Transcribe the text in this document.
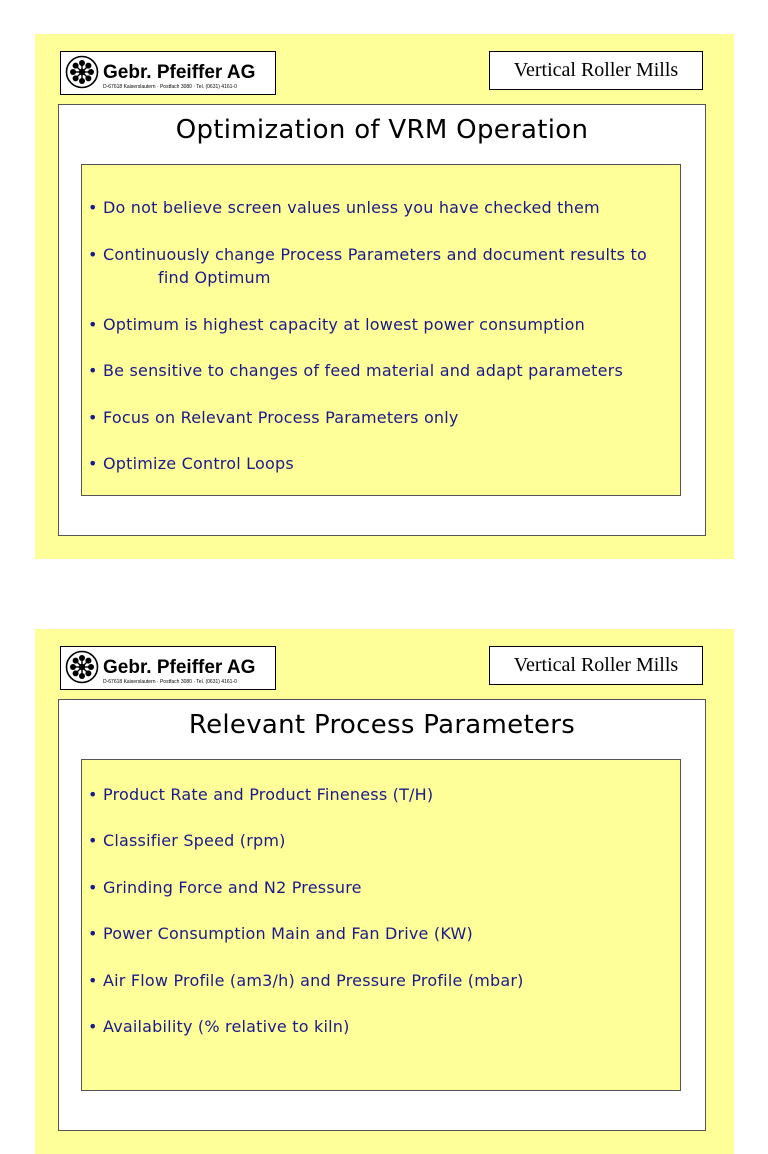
Gebr. Pfeiffer AG
D-67618 Kaiserslautern · Postfach 3080 · Tel. (0631) 4161-0
Vertical Roller Mills
Optimization of VRM Operation
• Do not believe screen values unless you have checked them
• Continuously change Process Parameters and document results to
find Optimum
• Optimum is highest capacity at lowest power consumption
• Be sensitive to changes of feed material and adapt parameters
• Focus on Relevant Process Parameters only
• Optimize Control Loops
Gebr. Pfeiffer AG
D-67618 Kaiserslautern · Postfach 3080 · Tel. (0631) 4161-0
Vertical Roller Mills
Relevant Process Parameters
• Product Rate and Product Fineness (T/H)
• Classifier Speed (rpm)
• Grinding Force and N2 Pressure
• Power Consumption Main and Fan Drive (KW)
• Air Flow Profile (am3/h) and Pressure Profile (mbar)
• Availability (% relative to kiln)
